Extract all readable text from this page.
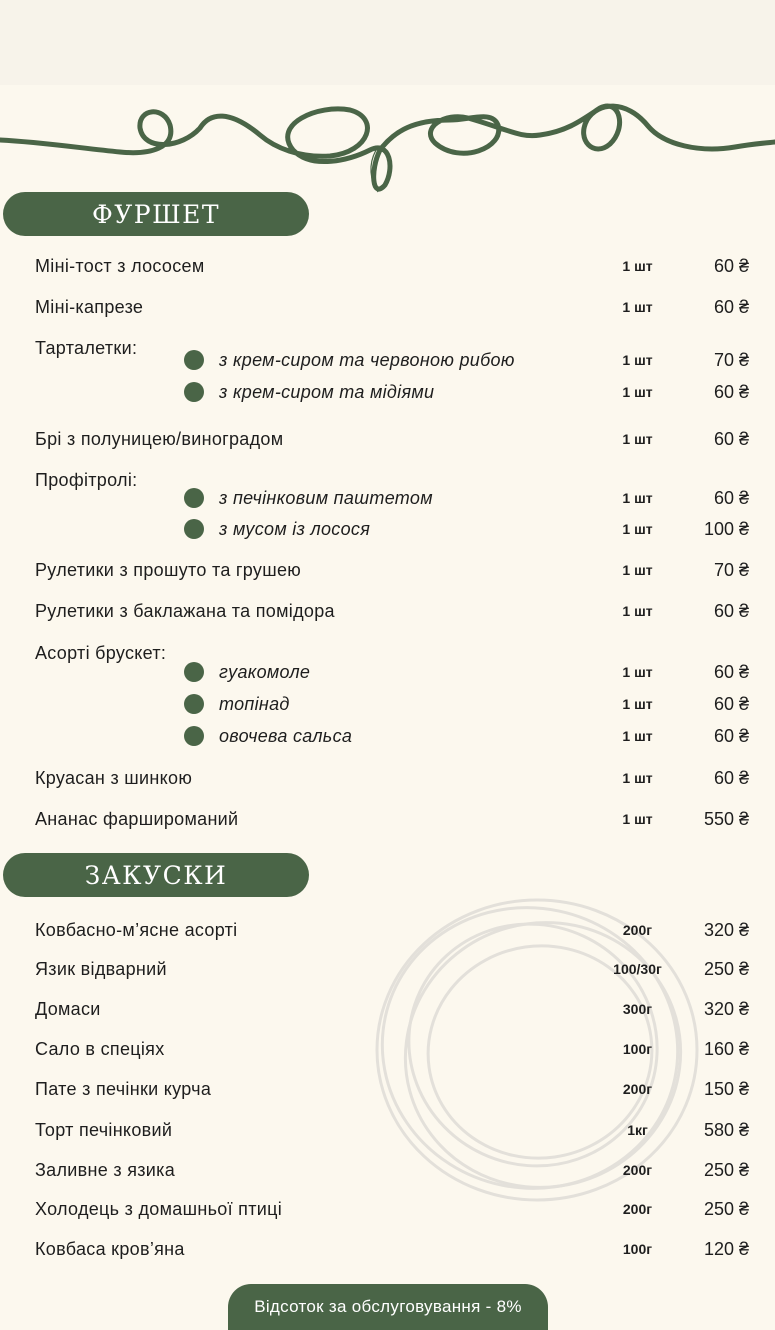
ФУРШЕТ
Міні-тост з лососем	1 шт	60 ₴
Міні-капрезе	1 шт	60 ₴
Тарталетки:
з крем-сиром та червоною рибою	1 шт	70 ₴
з крем-сиром та мідіями	1 шт	60 ₴
Брі з полуницею/виноградом	1 шт	60 ₴
Профітролі:
з печінковим паштетом	1 шт	60 ₴
з мусом із лосося	1 шт	100 ₴
Рулетики з прошуто та грушею	1 шт	70 ₴
Рулетики з баклажана та помідора	1 шт	60 ₴
Асорті брускет:
гуакомоле	1 шт	60 ₴
топінад	1 шт	60 ₴
овочева сальса	1 шт	60 ₴
Круасан з шинкою	1 шт	60 ₴
Ананас фаршироманий	1 шт	550 ₴
ЗАКУСКИ
Ковбасно-м’ясне асорті	200г	320 ₴
Язик відварний	100/30г	250 ₴
Домаси	300г	320 ₴
Сало в спеціях	100г	160 ₴
Пате з печінки курча	200г	150 ₴
Торт печінковий	1кг	580 ₴
Заливне з язика	200г	250 ₴
Холодець з домашньої птиці	200г	250 ₴
Ковбаса кров’яна	100г	120 ₴
Відсоток за обслуговування - 8%
